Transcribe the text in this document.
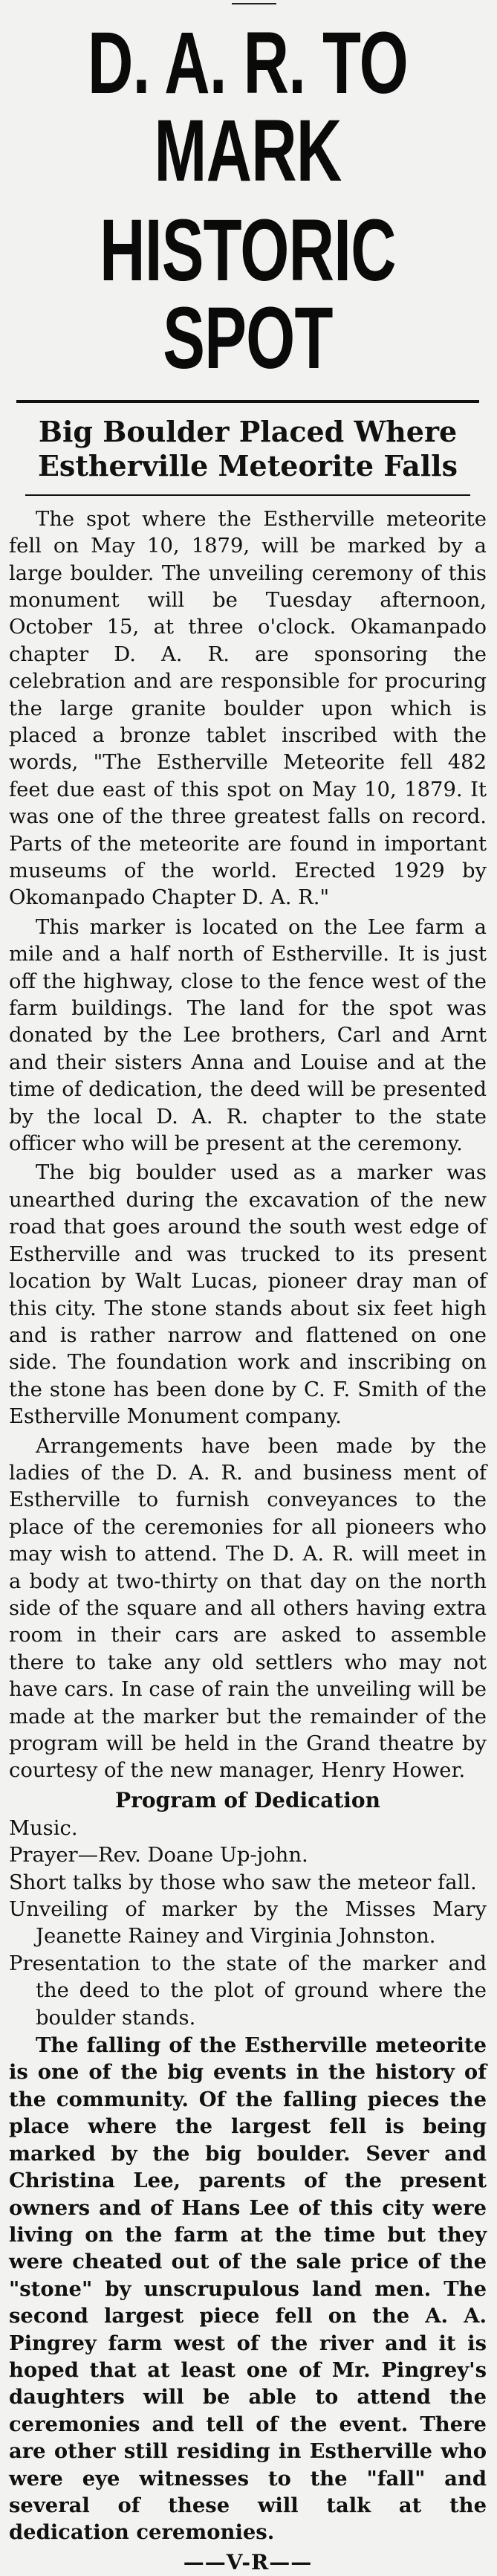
D. A. R. TO MARK
HISTORIC SPOT
Big Boulder Placed Where
Estherville Meteorite Falls

The spot where the Estherville meteorite fell on May 10, 1879, will be marked by a large boulder. The unveiling ceremony of this monument will be Tuesday afternoon, October 15, at three o'clock. Okamanpado chapter D. A. R. are sponsoring the celebration and are responsible for procuring the large granite boulder upon which is placed a bronze tablet inscribed with the words, "The Estherville Meteorite fell 482 feet due east of this spot on May 10, 1879. It was one of the three greatest falls on record. Parts of the meteorite are found in important museums of the world. Erected 1929 by Okomanpado Chapter D. A. R."

This marker is located on the Lee farm a mile and a half north of Estherville. It is just off the highway, close to the fence west of the farm buildings. The land for the spot was donated by the Lee brothers, Carl and Arnt and their sisters Anna and Louise and at the time of dedication, the deed will be presented by the local D. A. R. chapter to the state officer who will be present at the ceremony.

The big boulder used as a marker was unearthed during the excavation of the new road that goes around the south west edge of Estherville and was trucked to its present location by Walt Lucas, pioneer dray man of this city. The stone stands about six feet high and is rather narrow and flattened on one side. The foundation work and inscribing on the stone has been done by C. F. Smith of the Estherville Monument company.

Arrangements have been made by the ladies of the D. A. R. and business ment of Estherville to furnish conveyances to the place of the ceremonies for all pioneers who may wish to attend. The D. A. R. will meet in a body at two-thirty on that day on the north side of the square and all others having extra room in their cars are asked to assemble there to take any old settlers who may not have cars. In case of rain the unveiling will be made at the marker but the remainder of the program will be held in the Grand theatre by courtesy of the new manager, Henry Hower.

Program of Dedication

Music.

Prayer—Rev. Doane Up-john.

Short talks by those who saw the meteor fall.

Unveiling of marker by the Misses Mary Jeanette Rainey and Virginia Johnston.

Presentation to the state of the marker and the deed to the plot of ground where the boulder stands.

The falling of the Estherville meteorite is one of the big events in the history of the community. Of the falling pieces the place where the largest fell is being marked by the big boulder. Sever and Christina Lee, parents of the present owners and of Hans Lee of this city were living on the farm at the time but they were cheated out of the sale price of the "stone" by unscrupulous land men. The second largest piece fell on the A. A. Pingrey farm west of the river and it is hoped that at least one of Mr. Pingrey's daughters will be able to attend the ceremonies and tell of the event. There are other still residing in Estherville who were eye witnesses to the "fall" and several of these will talk at the dedication ceremonies.

——V-R——
